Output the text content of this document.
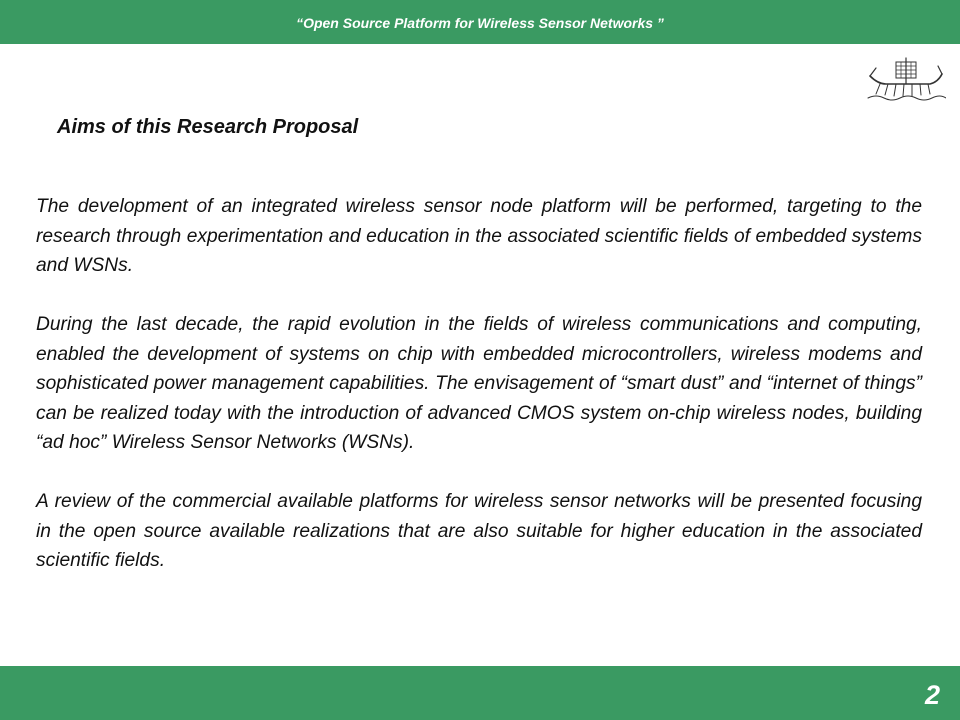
“Open Source Platform for Wireless Sensor Networks ”
Aims of this Research Proposal

The development of an integrated wireless sensor node platform will be performed, targeting to the research through experimentation and education in the associated scientific fields of embedded systems and WSNs.

During the last decade, the rapid evolution in the fields of wireless communications and computing, enabled the development of systems on chip with embedded microcontrollers, wireless modems and sophisticated power management capabilities. The envisagement of “smart dust” and “internet of things” can be realized today with the introduction of advanced CMOS system on-chip wireless nodes, building “ad hoc” Wireless Sensor Networks (WSNs).

A review of the commercial available platforms for wireless sensor networks will be presented focusing in the open source available realizations that are also suitable for higher education in the associated scientific fields.

2
